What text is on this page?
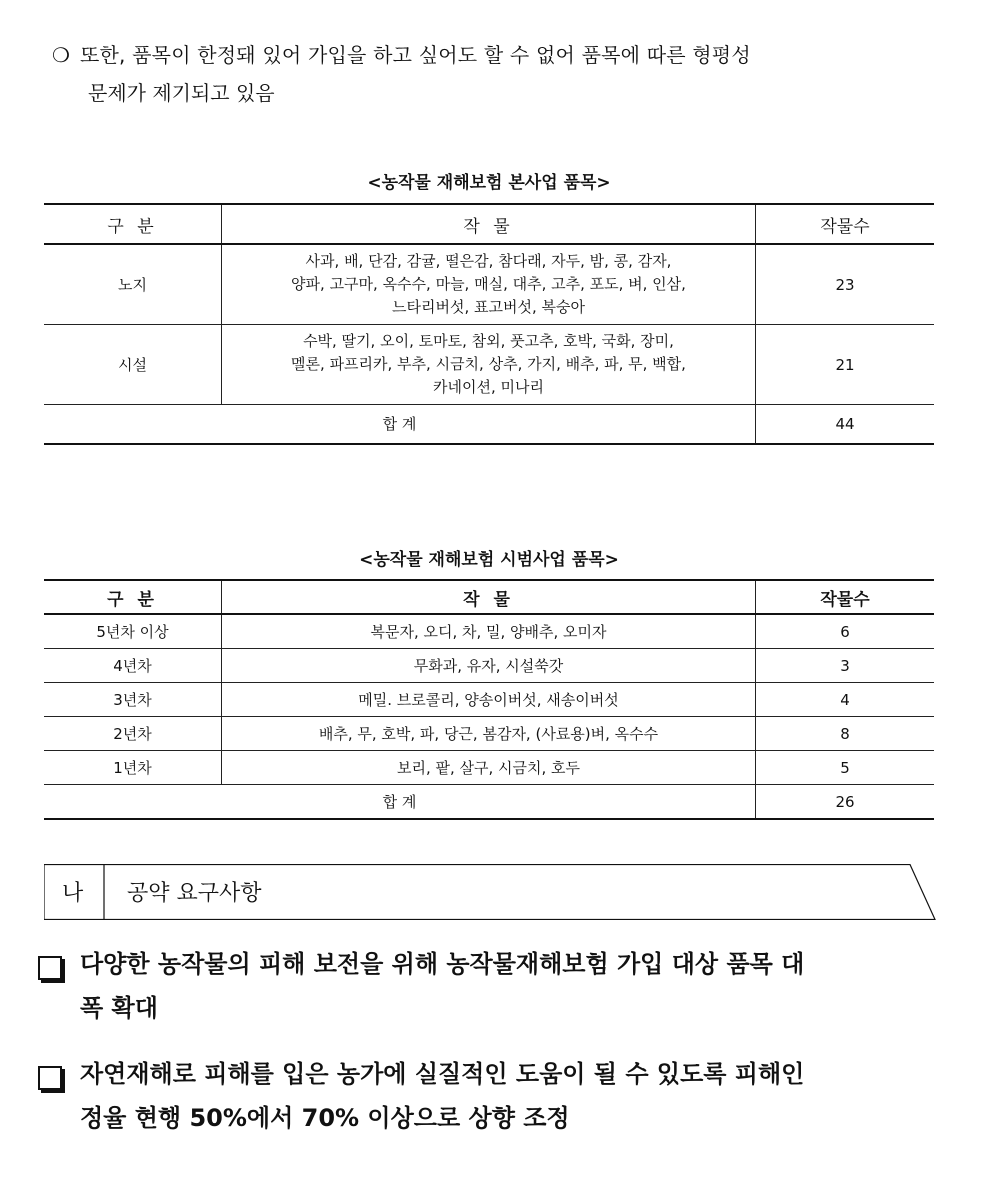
❍ 또한, 품목이 한정돼 있어 가입을 하고 싶어도 할 수 없어 품목에 따른 형평성
문제가 제기되고 있음
<농작물 재해보험 본사업 품목>
구 분	작 물	작물수
노지	사과, 배, 단감, 감귤, 떨은감, 참다래, 자두, 밤, 콩, 감자,
양파, 고구마, 옥수수, 마늘, 매실, 대추, 고추, 포도, 벼, 인삼,
느타리버섯, 표고버섯, 복숭아	23
시설	수박, 딸기, 오이, 토마토, 참외, 풋고추, 호박, 국화, 장미,
멜론, 파프리카, 부추, 시금치, 상추, 가지, 배추, 파, 무, 백합,
카네이션, 미나리	21
합 계		44
<농작물 재해보험 시범사업 품목>
구 분	작 물	작물수
5년차 이상	복문자, 오디, 차, 밀, 양배추, 오미자	6
4년차	무화과, 유자, 시설쑥갓	3
3년차	메밀. 브로콜리, 양송이버섯, 새송이버섯	4
2년차	배추, 무, 호박, 파, 당근, 봄감자, (사료용)벼, 옥수수	8
1년차	보리, 팥, 살구, 시금치, 호두	5
합 계		26
나 공약 요구사항
다양한 농작물의 피해 보전을 위해 농작물재해보험 가입 대상 품목 대
폭 확대
자연재해로 피해를 입은 농가에 실질적인 도움이 될 수 있도록 피해인
정율 현행 50%에서 70% 이상으로 상향 조정
